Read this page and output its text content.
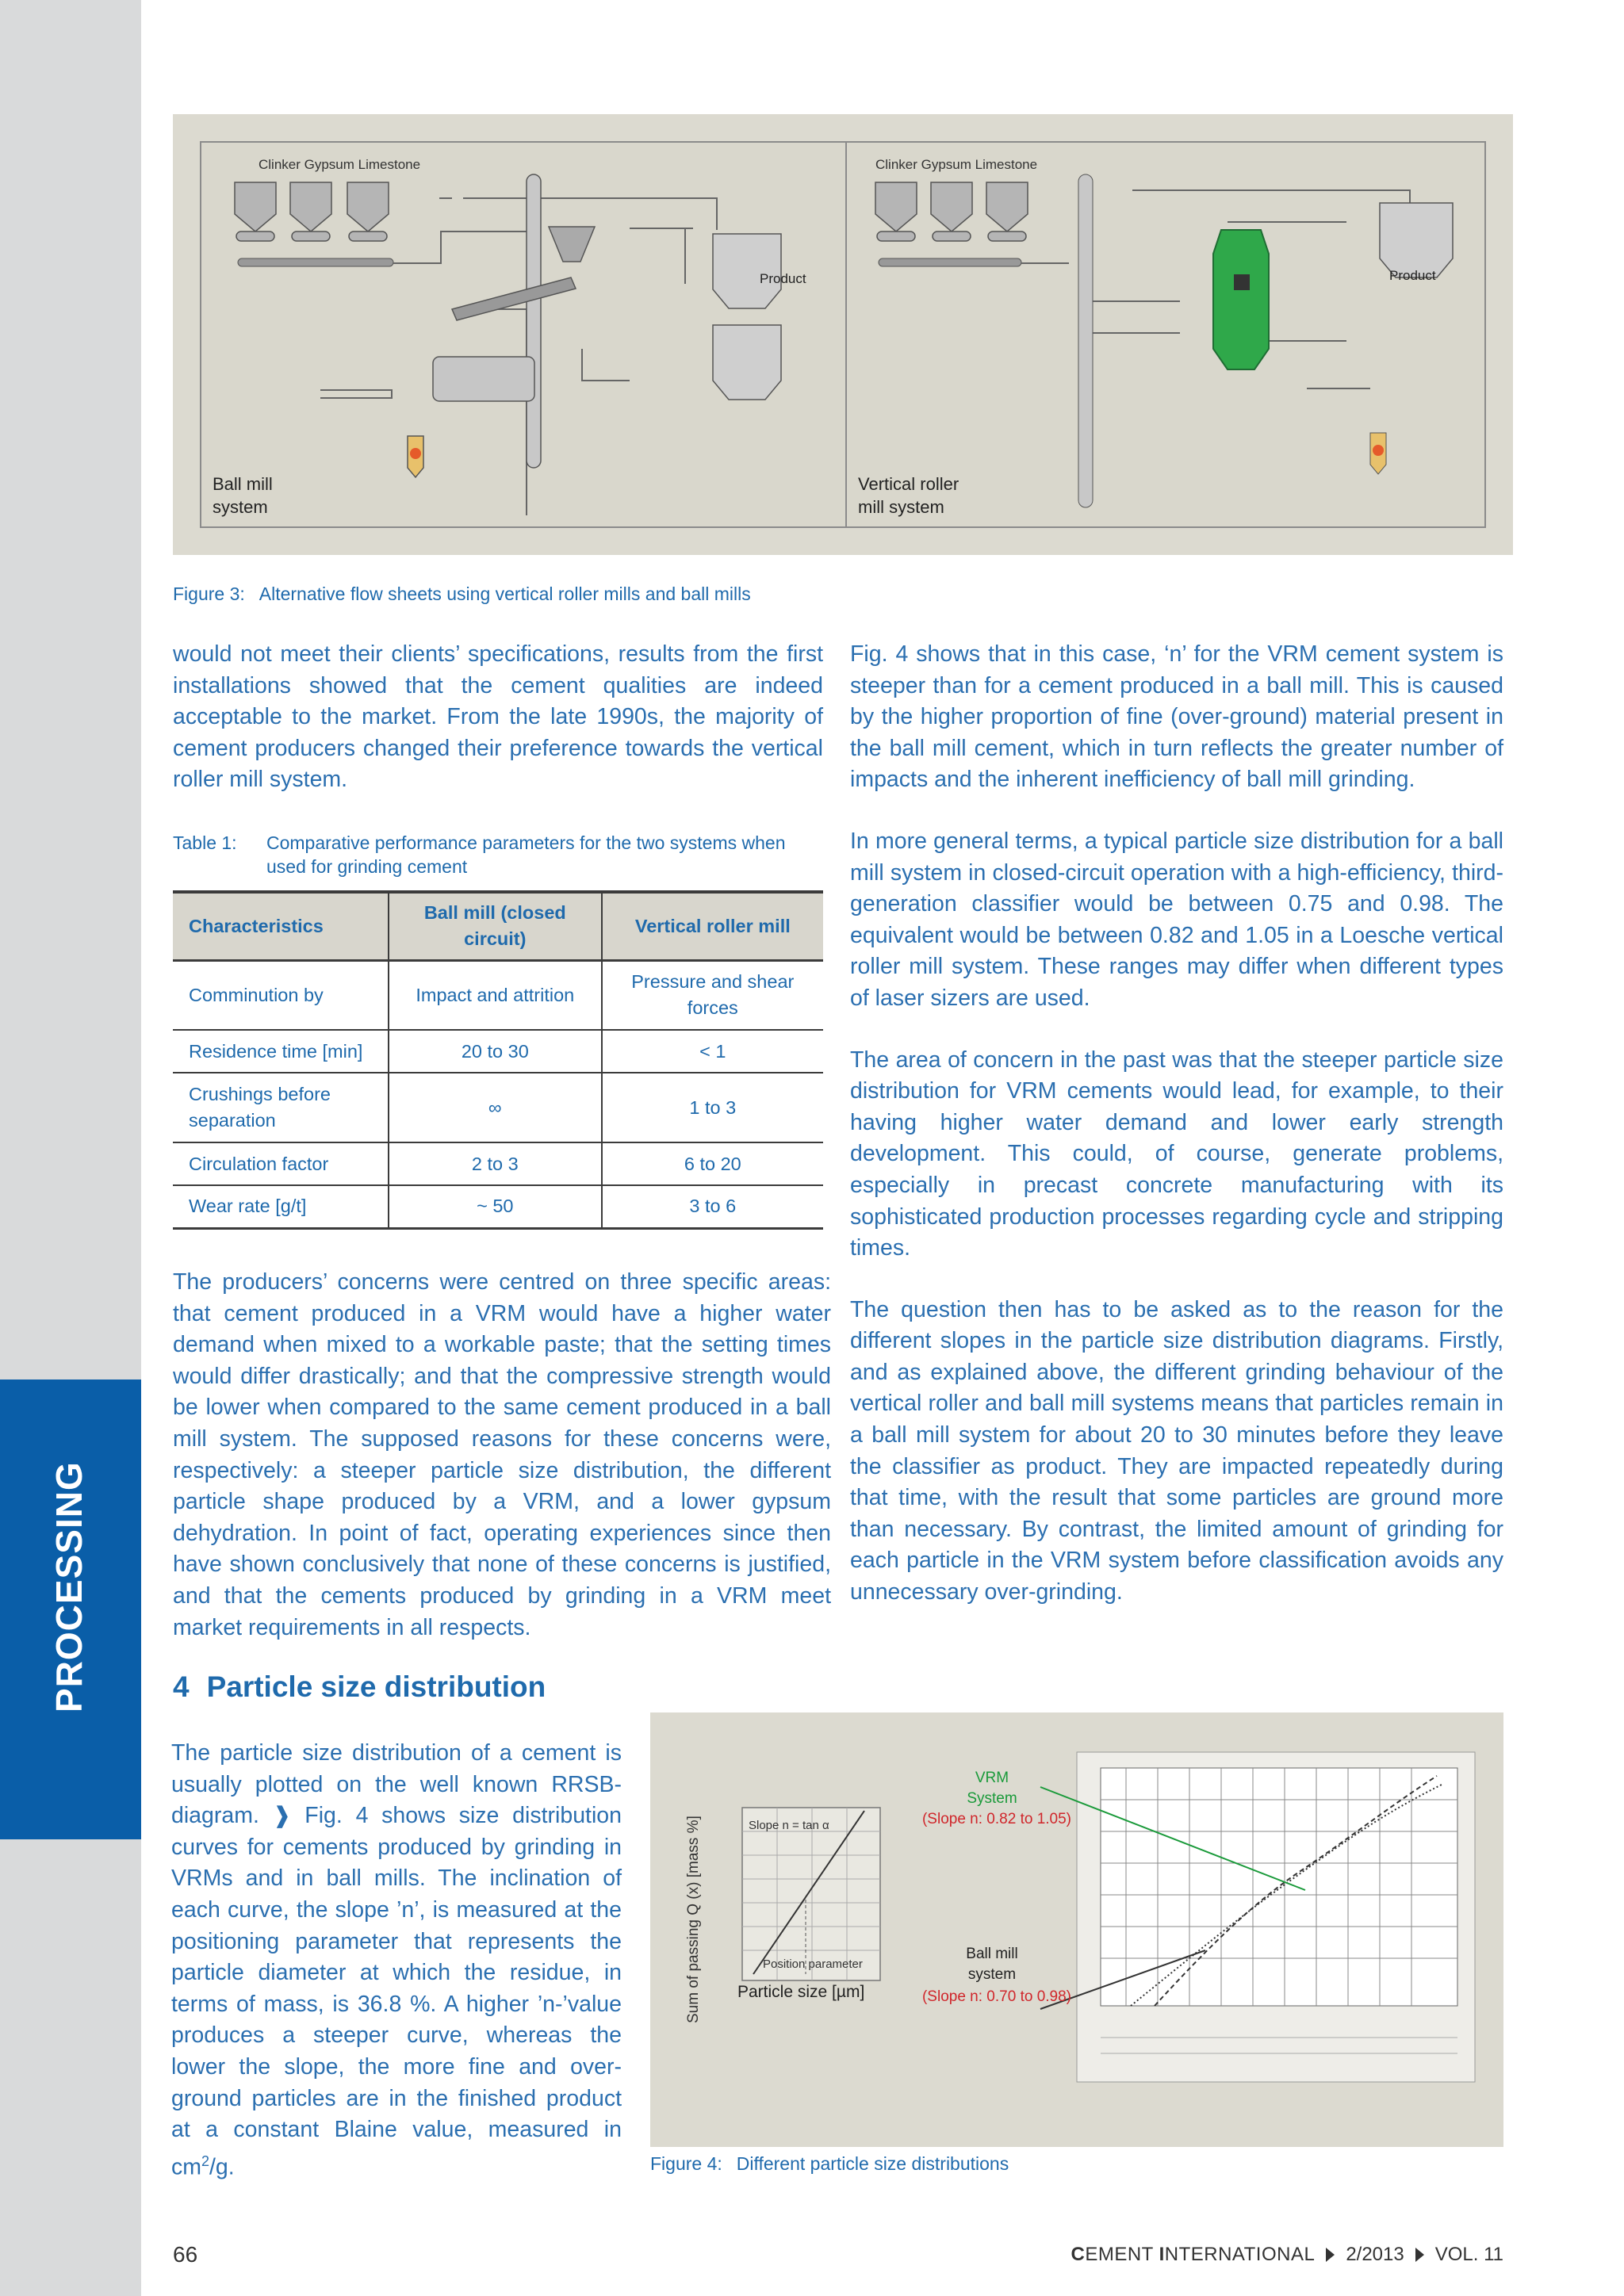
PROCESSING
Clinker Gypsum Limestone
Product
Ball mill
system
Clinker Gypsum Limestone
Product
Vertical roller
mill system
Figure 3: Alternative flow sheets using vertical roller mills and ball mills

would not meet their clients’ specifications, results from the first installations showed that the cement qualities are indeed acceptable to the market. From the late 1990s, the majority of cement producers changed their preference towards the vertical roller mill system.

Table 1: Comparative performance parameters for the two systems when used for grinding cement
Characteristics	Ball mill (closed circuit)	Vertical roller mill
Comminution by	Impact and attrition	Pressure and shear forces
Residence time [min]	20 to 30	< 1
Crushings before separation	∞	1 to 3
Circulation factor	2 to 3	6 to 20
Wear rate [g/t]	~ 50	3 to 6

The producers’ concerns were centred on three specific areas: that cement produced in a VRM would have a higher water demand when mixed to a workable paste; that the setting times would differ drastically; and that the compressive strength would be lower when compared to the same cement produced in a ball mill system. The supposed reasons for these concerns were, respectively: a steeper particle size distribution, the different particle shape produced by a VRM, and a lower gypsum dehydration. In point of fact, operating experiences since then have shown conclusively that none of these concerns is justified, and that the cements produced by grinding in a VRM meet market requirements in all respects.

4 Particle size distribution

The particle size distribution of a cement is usually plotted on the well known RRSB-diagram. ❱ Fig. 4 shows size distribution curves for cements produced by grinding in VRMs and in ball mills. The inclination of each curve, the slope ’n’, is measured at the positioning parameter that represents the particle diameter at which the residue, in terms of mass, is 36.8 %. A higher ’n-’value produces a steeper curve, whereas the lower the slope, the more fine and over-ground particles are in the finished product at a constant Blaine value, measured in $cm^2/g$.

Fig. 4 shows that in this case, ‘n’ for the VRM cement system is steeper than for a cement produced in a ball mill. This is caused by the higher proportion of fine (over-ground) material present in the ball mill cement, which in turn reflects the greater number of impacts and the inherent inefficiency of ball mill grinding.

In more general terms, a typical particle size distribution for a ball mill system in closed-circuit operation with a high-efficiency, third-generation classifier would be between 0.75 and 0.98. The equivalent would be between 0.82 and 1.05 in a Loesche vertical roller mill system. These ranges may differ when different types of laser sizers are used.

The area of concern in the past was that the steeper particle size distribution for VRM cements would lead, for example, to their having higher water demand and lower early strength development. This could, of course, generate problems, especially in precast concrete manufacturing with its sophisticated production processes regarding cycle and stripping times.

The question then has to be asked as to the reason for the different slopes in the particle size distribution diagrams. Firstly, and as explained above, the different grinding behaviour of the vertical roller and ball mill systems means that particles remain in a ball mill system for about 20 to 30 minutes before they leave the classifier as product. They are impacted repeatedly during that time, with the result that some particles are ground more than necessary. By contrast, the limited amount of grinding for each particle in the VRM system before classification avoids any unnecessary over-grinding.

Slope n = tan α
Position parameter
Particle size [µm]
VRM
System
(Slope n: 0.82 to 1.05)
Ball mill
system
(Slope n: 0.70 to 0.98)
Sum of passing Q (x) [mass %]
Figure 4: Different particle size distributions
66	CEMENT INTERNATIONAL 2/2013 VOL. 11
